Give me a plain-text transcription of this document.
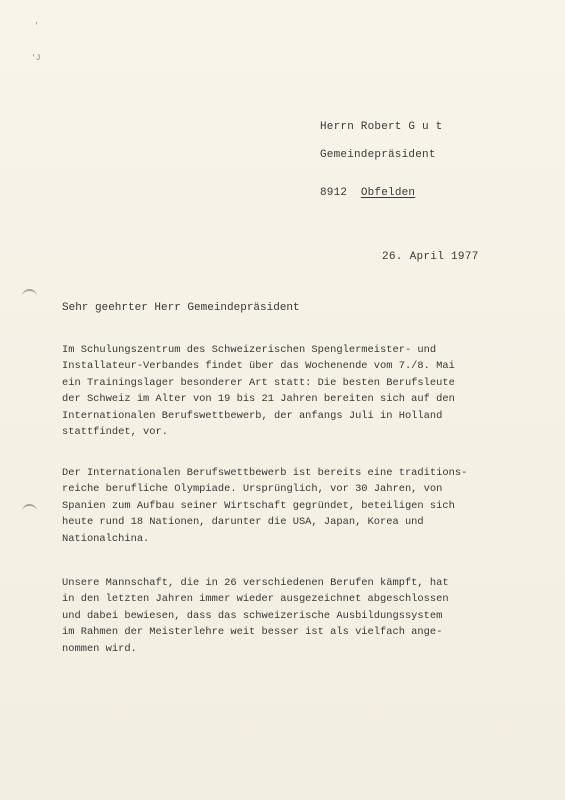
'
'J
Herrn Robert G u t
Gemeindepräsident
8912 Obfelden
26. April 1977
Sehr geehrter Herr Gemeindepräsident
Im Schulungszentrum des Schweizerischen Spenglermeister- und
Installateur-Verbandes findet über das Wochenende vom 7./8. Mai
ein Trainingslager besonderer Art statt: Die besten Berufsleute
der Schweiz im Alter von 19 bis 21 Jahren bereiten sich auf den
Internationalen Berufswettbewerb, der anfangs Juli in Holland
stattfindet, vor.
Der Internationalen Berufswettbewerb ist bereits eine traditions-
reiche berufliche Olympiade. Ursprünglich, vor 30 Jahren, von
Spanien zum Aufbau seiner Wirtschaft gegründet, beteiligen sich
heute rund 18 Nationen, darunter die USA, Japan, Korea und
Nationalchina.
Unsere Mannschaft, die in 26 verschiedenen Berufen kämpft, hat
in den letzten Jahren immer wieder ausgezeichnet abgeschlossen
und dabei bewiesen, dass das schweizerische Ausbildungssystem
im Rahmen der Meisterlehre weit besser ist als vielfach ange-
nommen wird.
